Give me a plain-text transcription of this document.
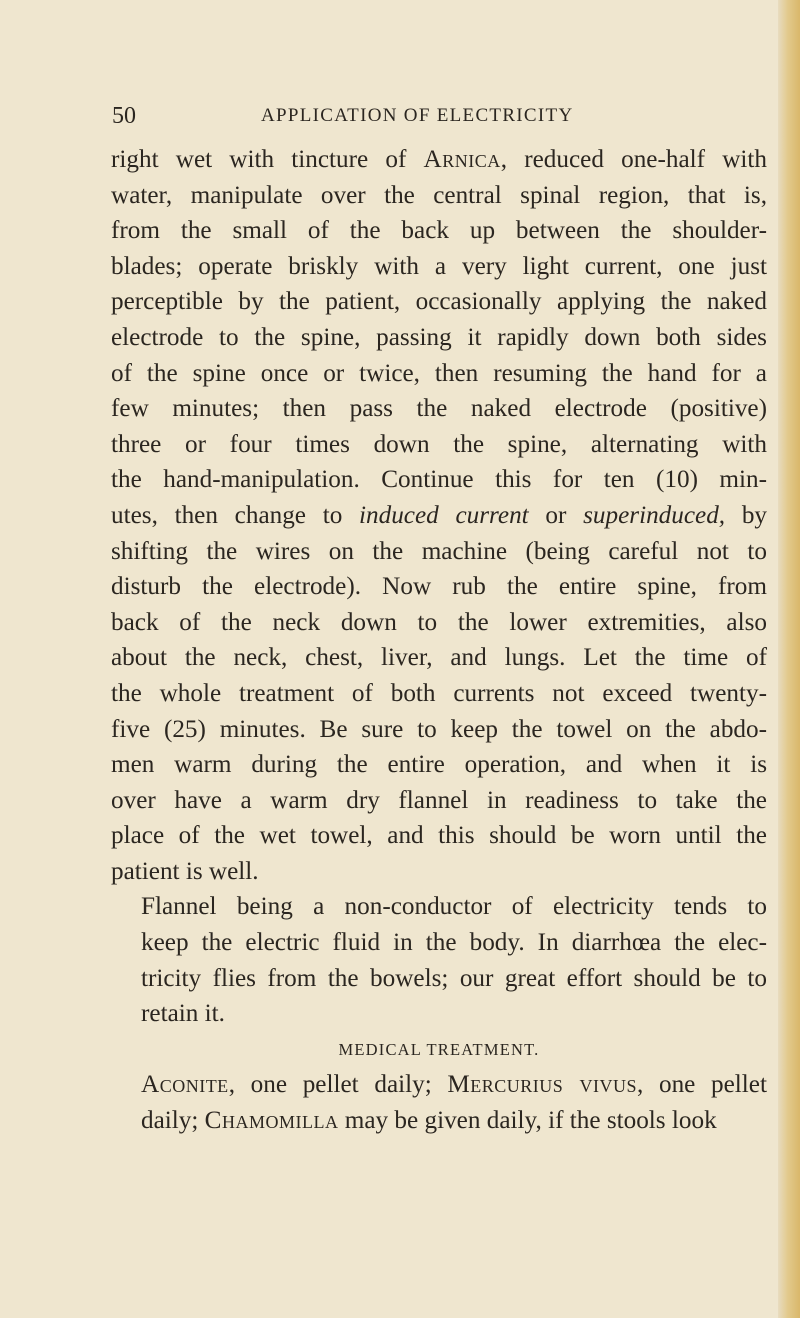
50	APPLICATION OF ELECTRICITY

right wet with tincture of Arnica, reduced one-half with
water, manipulate over the central spinal region, that is,
from the small of the back up between the shoulder-
blades; operate briskly with a very light current, one just
perceptible by the patient, occasionally applying the naked
electrode to the spine, passing it rapidly down both sides
of the spine once or twice, then resuming the hand for a
few minutes; then pass the naked electrode (positive)
three or four times down the spine, alternating with
the hand-manipulation. Continue this for ten (10) min-
utes, then change to induced current or superinduced, by
shifting the wires on the machine (being careful not to
disturb the electrode). Now rub the entire spine, from
back of the neck down to the lower extremities, also
about the neck, chest, liver, and lungs. Let the time of
the whole treatment of both currents not exceed twenty-
five (25) minutes. Be sure to keep the towel on the abdo-
men warm during the entire operation, and when it is
over have a warm dry flannel in readiness to take the
place of the wet towel, and this should be worn until the
patient is well.

Flannel being a non-conductor of electricity tends to
keep the electric fluid in the body. In diarrhœa the elec-
tricity flies from the bowels; our great effort should be to
retain it.

MEDICAL TREATMENT.

Aconite, one pellet daily; Mercurius vivus, one pellet
daily; Chamomilla may be given daily, if the stools look
